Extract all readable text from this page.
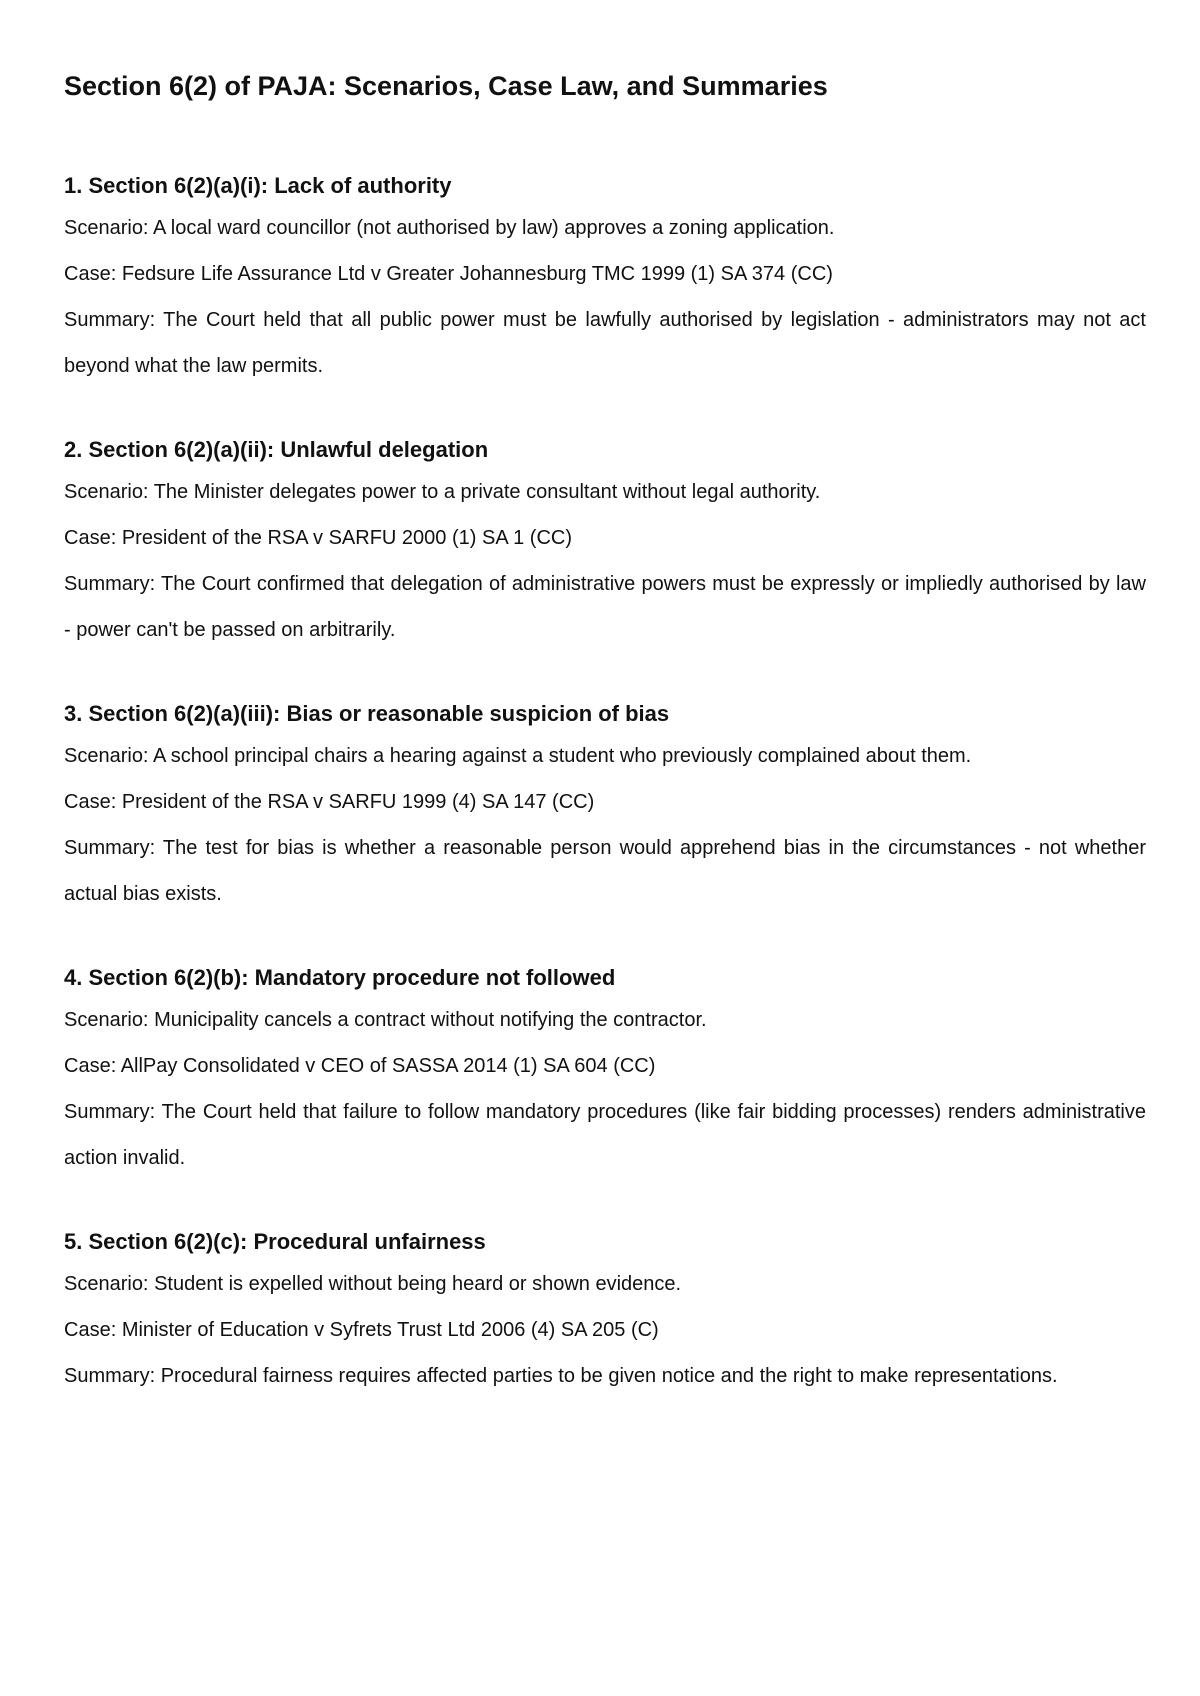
Section 6(2) of PAJA: Scenarios, Case Law, and Summaries
1. Section 6(2)(a)(i): Lack of authority

Scenario: A local ward councillor (not authorised by law) approves a zoning application.

Case: Fedsure Life Assurance Ltd v Greater Johannesburg TMC 1999 (1) SA 374 (CC)

Summary: The Court held that all public power must be lawfully authorised by legislation - administrators may not act beyond what the law permits.

2. Section 6(2)(a)(ii): Unlawful delegation

Scenario: The Minister delegates power to a private consultant without legal authority.

Case: President of the RSA v SARFU 2000 (1) SA 1 (CC)

Summary: The Court confirmed that delegation of administrative powers must be expressly or impliedly authorised by law - power can't be passed on arbitrarily.

3. Section 6(2)(a)(iii): Bias or reasonable suspicion of bias

Scenario: A school principal chairs a hearing against a student who previously complained about them.

Case: President of the RSA v SARFU 1999 (4) SA 147 (CC)

Summary: The test for bias is whether a reasonable person would apprehend bias in the circumstances - not whether actual bias exists.

4. Section 6(2)(b): Mandatory procedure not followed

Scenario: Municipality cancels a contract without notifying the contractor.

Case: AllPay Consolidated v CEO of SASSA 2014 (1) SA 604 (CC)

Summary: The Court held that failure to follow mandatory procedures (like fair bidding processes) renders administrative action invalid.

5. Section 6(2)(c): Procedural unfairness

Scenario: Student is expelled without being heard or shown evidence.

Case: Minister of Education v Syfrets Trust Ltd 2006 (4) SA 205 (C)

Summary: Procedural fairness requires affected parties to be given notice and the right to make representations.
